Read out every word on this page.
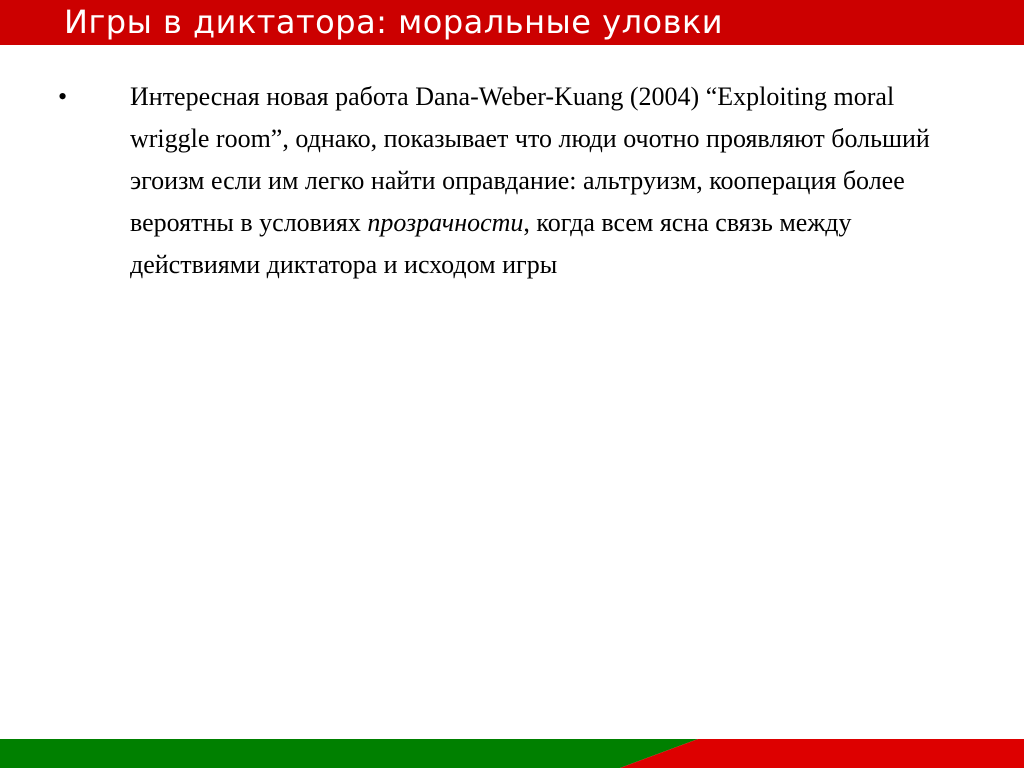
Игры в диктатора: моральные уловки
• Интересная новая работа Dana-Weber-Kuang (2004) “Exploiting moral wriggle room”, однако, показывает что люди очотно проявляют больший эгоизм если им легко найти оправдание: альтруизм, кооперация более вероятны в условиях прозрачности, когда всем ясна связь между действиями диктатора и исходом игры
